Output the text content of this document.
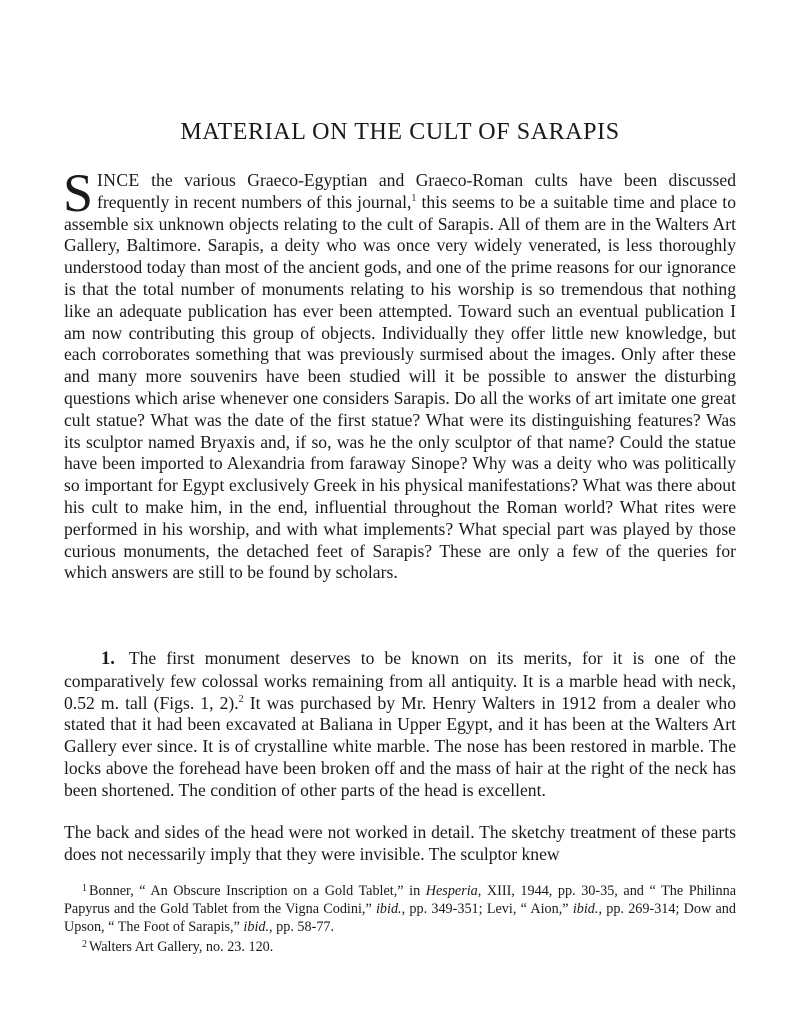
MATERIAL ON THE CULT OF SARAPIS

SINCE the various Graeco-Egyptian and Graeco-Roman cults have been discussed frequently in recent numbers of this journal,$^1$ this seems to be a suitable time and place to assemble six unknown objects relating to the cult of Sarapis. All of them are in the Walters Art Gallery, Baltimore. Sarapis, a deity who was once very widely venerated, is less thoroughly understood today than most of the ancient gods, and one of the prime reasons for our ignorance is that the total number of monuments relating to his worship is so tremendous that nothing like an adequate publication has ever been attempted. Toward such an eventual publication I am now contributing this group of objects. Individually they offer little new knowledge, but each corroborates something that was previously surmised about the images. Only after these and many more souvenirs have been studied will it be possible to answer the disturbing questions which arise whenever one considers Sarapis. Do all the works of art imitate one great cult statue? What was the date of the first statue? What were its distinguishing features? Was its sculptor named Bryaxis and, if so, was he the only sculptor of that name? Could the statue have been imported to Alexandria from faraway Sinope? Why was a deity who was politically so important for Egypt exclusively Greek in his physical manifestations? What was there about his cult to make him, in the end, influential throughout the Roman world? What rites were performed in his worship, and with what implements? What special part was played by those curious monuments, the detached feet of Sarapis? These are only a few of the queries for which answers are still to be found by scholars.

1. The first monument deserves to be known on its merits, for it is one of the comparatively few colossal works remaining from all antiquity. It is a marble head with neck, 0.52 m. tall (Figs. 1, 2).$^2$ It was purchased by Mr. Henry Walters in 1912 from a dealer who stated that it had been excavated at Baliana in Upper Egypt, and it has been at the Walters Art Gallery ever since. It is of crystalline white marble. The nose has been restored in marble. The locks above the forehead have been broken off and the mass of hair at the right of the neck has been shortened. The condition of other parts of the head is excellent.

The back and sides of the head were not worked in detail. The sketchy treatment of these parts does not necessarily imply that they were invisible. The sculptor knew

$^1$ Bonner, “ An Obscure Inscription on a Gold Tablet,” in Hesperia, XIII, 1944, pp. 30-35, and “ The Philinna Papyrus and the Gold Tablet from the Vigna Codini,” ibid., pp. 349-351; Levi, “ Aion,” ibid., pp. 269-314; Dow and Upson, “ The Foot of Sarapis,” ibid., pp. 58-77.

$^2$ Walters Art Gallery, no. 23. 120.
